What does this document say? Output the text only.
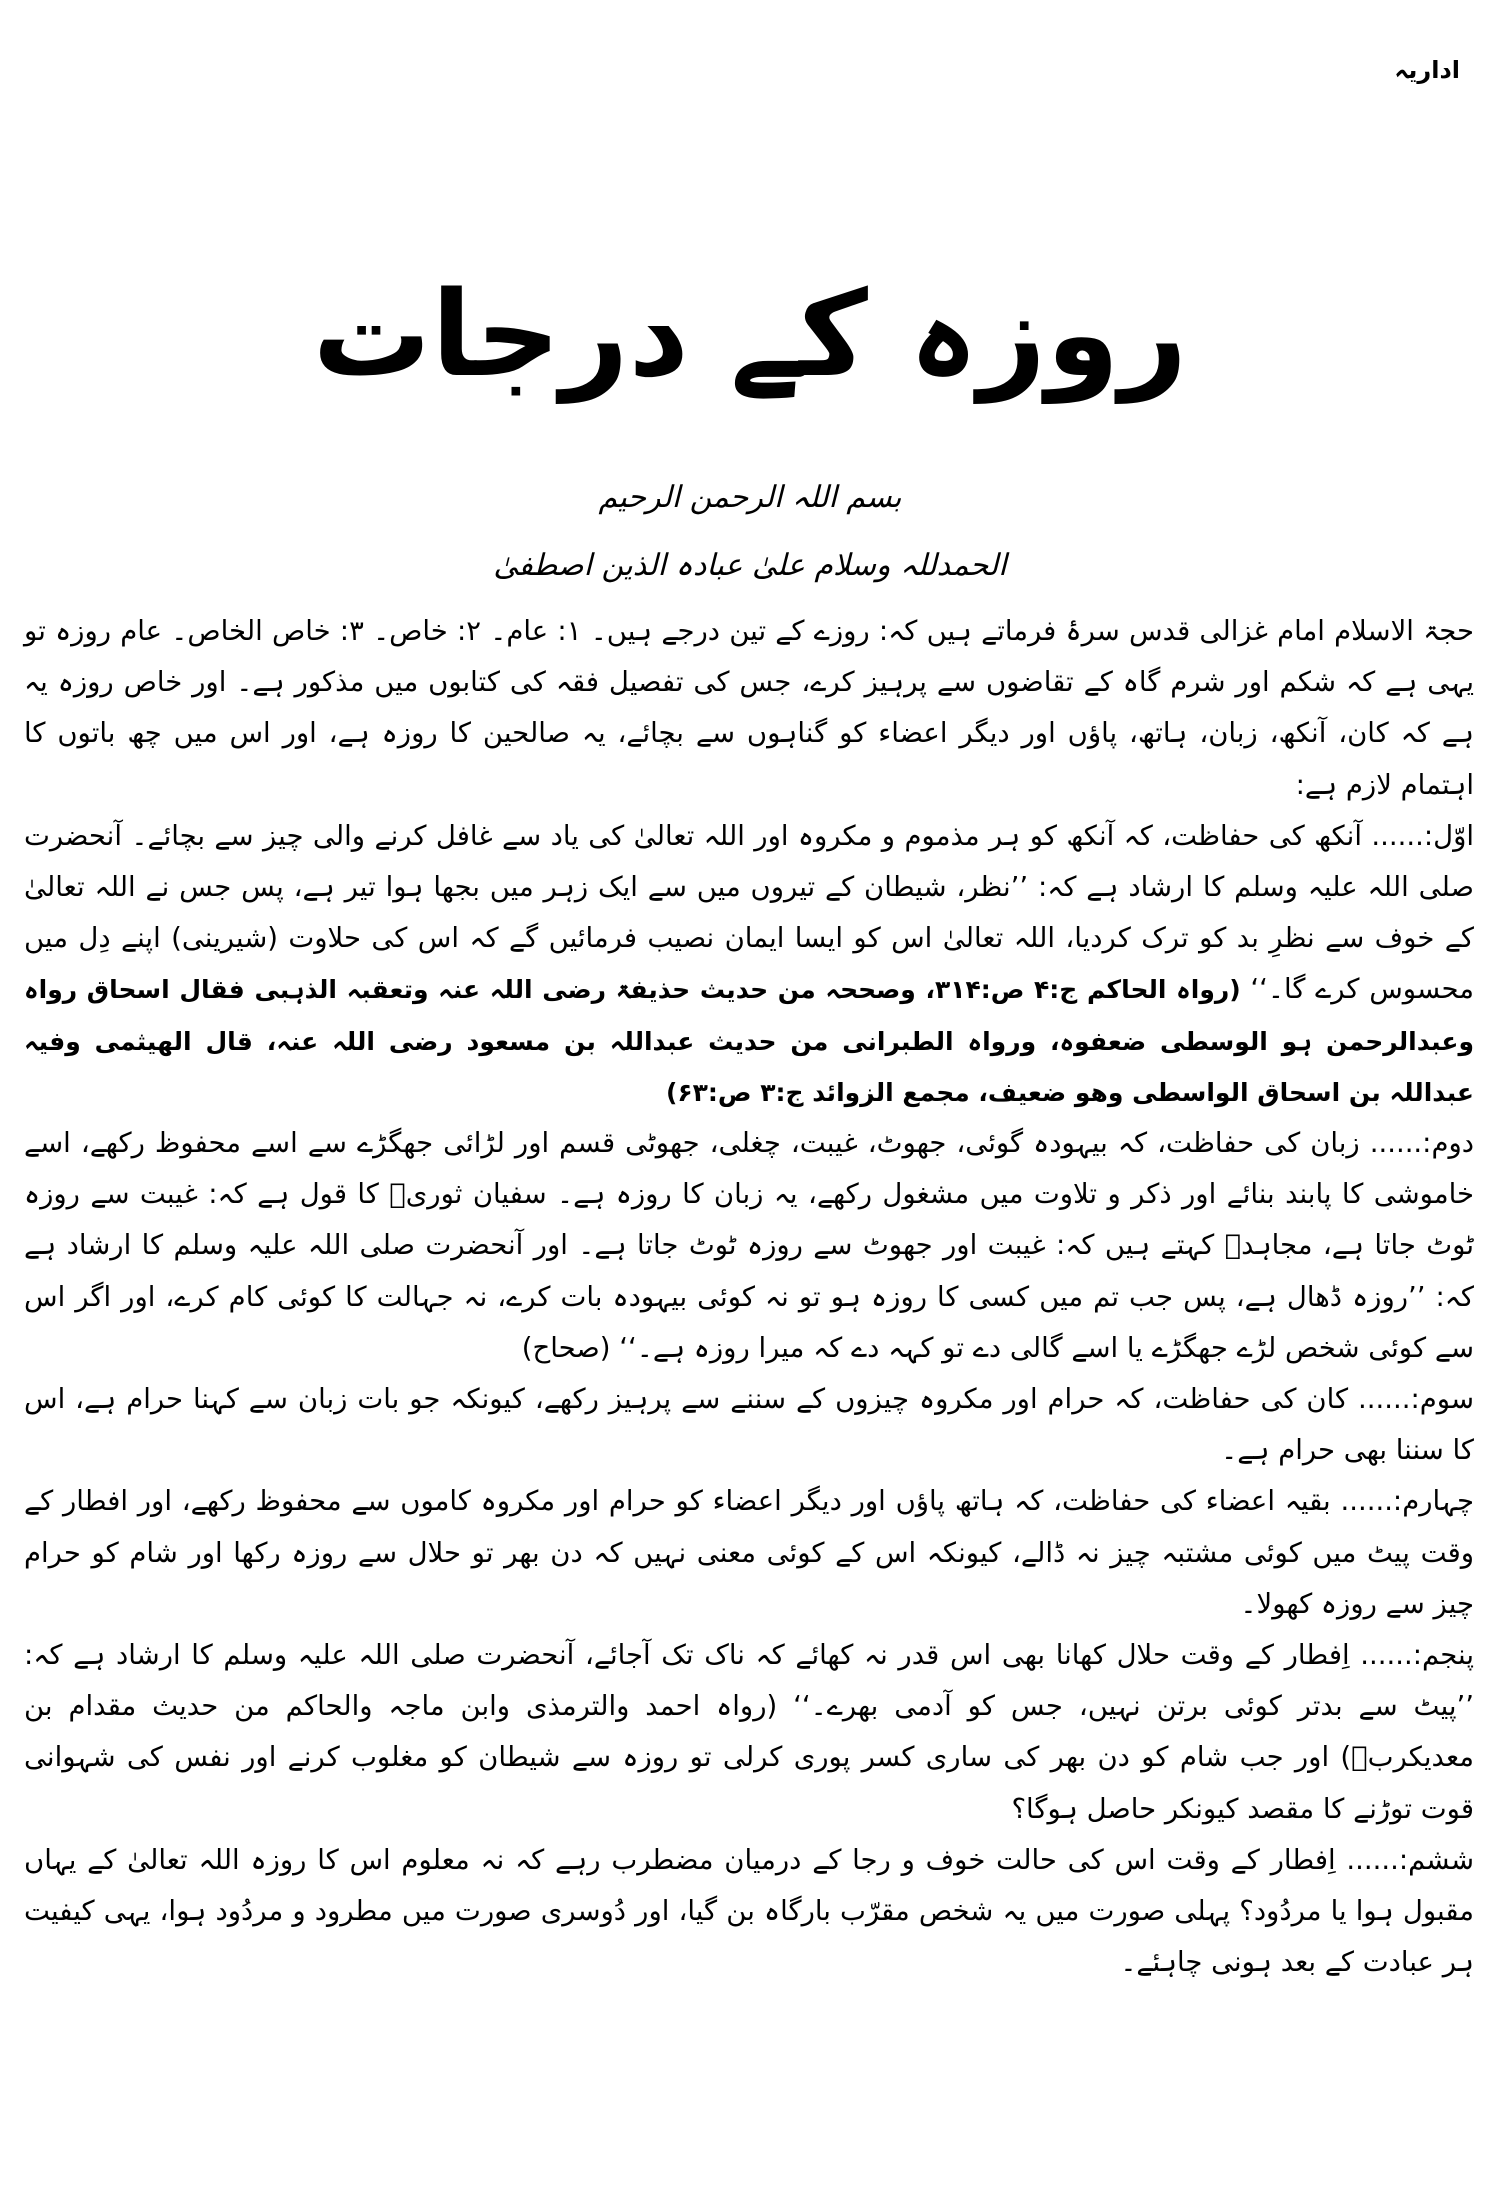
اداریہ
روزہ کے درجات
بسم اللہ الرحمن الرحیم
الحمدللہ وسلام علیٰ عبادہ الذین اصطفیٰ

حجۃ الاسلام امام غزالی قدس سرۂ فرماتے ہیں کہ: روزے کے تین درجے ہیں۔ ۱: عام۔ ۲: خاص۔ ۳: خاص الخاص۔ عام روزہ تو یہی ہے کہ شکم اور شرم گاہ کے تقاضوں سے پرہیز کرے، جس کی تفصیل فقہ کی کتابوں میں مذکور ہے۔ اور خاص روزہ یہ ہے کہ کان، آنکھ، زبان، ہاتھ، پاؤں اور دیگر اعضاء کو گناہوں سے بچائے، یہ صالحین کا روزہ ہے، اور اس میں چھ باتوں کا اہتمام لازم ہے:

اوّل:...... آنکھ کی حفاظت، کہ آنکھ کو ہر مذموم و مکروہ اور اللہ تعالیٰ کی یاد سے غافل کرنے والی چیز سے بچائے۔ آنحضرت صلی اللہ علیہ وسلم کا ارشاد ہے کہ: ’’نظر، شیطان کے تیروں میں سے ایک زہر میں بجھا ہوا تیر ہے، پس جس نے اللہ تعالیٰ کے خوف سے نظرِ بد کو ترک کردیا، اللہ تعالیٰ اس کو ایسا ایمان نصیب فرمائیں گے کہ اس کی حلاوت (شیرینی) اپنے دِل میں محسوس کرے گا۔‘‘ (رواہ الحاکم ج:۴ ص:۳۱۴، وصححہ من حدیث حذیفۃ رضی اللہ عنہ وتعقبہ الذہبی فقال اسحاق رواہ وعبدالرحمن ہو الوسطی ضعفوہ، ورواہ الطبرانی من حدیث عبداللہ بن مسعود رضی اللہ عنہ، قال الھیثمی وفیہ عبداللہ بن اسحاق الواسطی وھو ضعیف، مجمع الزوائد ج:۳ ص:۶۳)

دوم:...... زبان کی حفاظت، کہ بیہودہ گوئی، جھوٹ، غیبت، چغلی، جھوٹی قسم اور لڑائی جھگڑے سے اسے محفوظ رکھے، اسے خاموشی کا پابند بنائے اور ذکر و تلاوت میں مشغول رکھے، یہ زبان کا روزہ ہے۔ سفیان ثوریؒ کا قول ہے کہ: غیبت سے روزہ ٹوٹ جاتا ہے، مجاہدؒ کہتے ہیں کہ: غیبت اور جھوٹ سے روزہ ٹوٹ جاتا ہے۔ اور آنحضرت صلی اللہ علیہ وسلم کا ارشاد ہے کہ: ’’روزہ ڈھال ہے، پس جب تم میں کسی کا روزہ ہو تو نہ کوئی بیہودہ بات کرے، نہ جہالت کا کوئی کام کرے، اور اگر اس سے کوئی شخص لڑے جھگڑے یا اسے گالی دے تو کہہ دے کہ میرا روزہ ہے۔‘‘ (صحاح)

سوم:...... کان کی حفاظت، کہ حرام اور مکروہ چیزوں کے سننے سے پرہیز رکھے، کیونکہ جو بات زبان سے کہنا حرام ہے، اس کا سننا بھی حرام ہے۔

چہارم:...... بقیہ اعضاء کی حفاظت، کہ ہاتھ پاؤں اور دیگر اعضاء کو حرام اور مکروہ کاموں سے محفوظ رکھے، اور افطار کے وقت پیٹ میں کوئی مشتبہ چیز نہ ڈالے، کیونکہ اس کے کوئی معنی نہیں کہ دن بھر تو حلال سے روزہ رکھا اور شام کو حرام چیز سے روزہ کھولا۔

پنجم:...... اِفطار کے وقت حلال کھانا بھی اس قدر نہ کھائے کہ ناک تک آجائے، آنحضرت صلی اللہ علیہ وسلم کا ارشاد ہے کہ: ’’پیٹ سے بدتر کوئی برتن نہیں، جس کو آدمی بھرے۔‘‘ (رواہ احمد والترمذی وابن ماجہ والحاکم من حدیث مقدام بن معدیکربؓ) اور جب شام کو دن بھر کی ساری کسر پوری کرلی تو روزہ سے شیطان کو مغلوب کرنے اور نفس کی شہوانی قوت توڑنے کا مقصد کیونکر حاصل ہوگا؟

ششم:...... اِفطار کے وقت اس کی حالت خوف و رجا کے درمیان مضطرب رہے کہ نہ معلوم اس کا روزہ اللہ تعالیٰ کے یہاں مقبول ہوا یا مردُود؟ پہلی صورت میں یہ شخص مقرّب بارگاہ بن گیا، اور دُوسری صورت میں مطرود و مردُود ہوا، یہی کیفیت ہر عبادت کے بعد ہونی چاہئے۔
